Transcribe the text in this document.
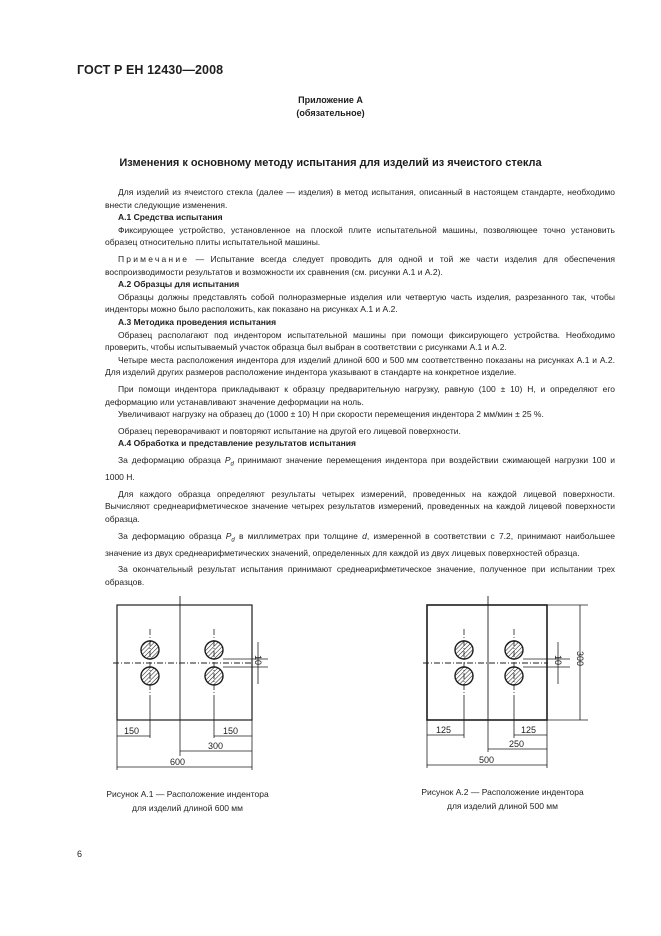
ГОСТ Р ЕН 12430—2008
Приложение А
(обязательное)
Изменения к основному методу испытания для изделий из ячеистого стекла

Для изделий из ячеистого стекла (далее — изделия) в метод испытания, описанный в настоящем стандарте, необходимо внести следующие изменения.

А.1 Средства испытания

Фиксирующее устройство, установленное на плоской плите испытательной машины, позволяющее точно установить образец относительно плиты испытательной машины.

Примечание — Испытание всегда следует проводить для одной и той же части изделия для обеспечения воспроизводимости результатов и возможности их сравнения (см. рисунки А.1 и А.2).

А.2 Образцы для испытания

Образцы должны представлять собой полноразмерные изделия или четвертую часть изделия, разрезанного так, чтобы инденторы можно было расположить, как показано на рисунках А.1 и А.2.

А.3 Методика проведения испытания

Образец располагают под индентором испытательной машины при помощи фиксирующего устройства. Необходимо проверить, чтобы испытываемый участок образца был выбран в соответствии с рисунками А.1 и А.2.

Четыре места расположения индентора для изделий длиной 600 и 500 мм соответственно показаны на рисунках А.1 и А.2. Для изделий других размеров расположение индентора указывают в стандарте на конкретное изделие.

При помощи индентора прикладывают к образцу предварительную нагрузку, равную (100 ± 10) Н, и определяют его деформацию или устанавливают значение деформации на ноль.

Увеличивают нагрузку на образец до (1000 ± 10) Н при скорости перемещения индентора 2 мм/мин ± 25 %.

Образец переворачивают и повторяют испытание на другой его лицевой поверхности.

А.4 Обработка и представление результатов испытания

За деформацию образца $P_d$ принимают значение перемещения индентора при воздействии сжимающей нагрузки 100 и 1000 Н.

Для каждого образца определяют результаты четырех измерений, проведенных на каждой лицевой поверхности. Вычисляют среднеарифметическое значение четырех результатов измерений, проведенных на каждой лицевой поверхности образца.

За деформацию образца $P_d$ в миллиметрах при толщине d, измеренной в соответствии с 7.2, принимают наибольшее значение из двух среднеарифметических значений, определенных для каждой из двух лицевых поверхностей образца.

За окончательный результат испытания принимают среднеарифметическое значение, полученное при испытании трех образцов.

10
150	150
300
600
10 300
125	125
250
500
Рисунок А.1 — Расположение индентора
для изделий длиной 600 мм
Рисунок А.2 — Расположение индентора
для изделий длиной 500 мм
6
